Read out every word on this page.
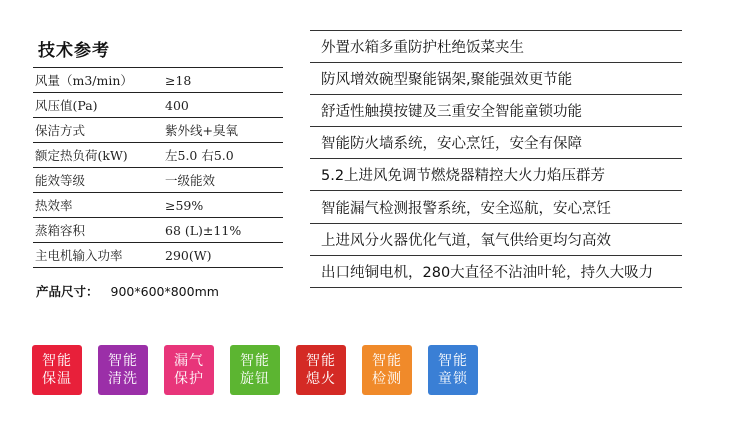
技术参考
风量（m3/min）	≥18
风压值(Pa)	400
保洁方式	紫外线+臭氧
额定热负荷(kW)	左5.0 右5.0
能效等级	一级能效
热效率	≥59%
蒸箱容积	68 (L)±11%
主电机输入功率	290(W)
产品尺寸： 900*600*800mm
外置水箱多重防护杜绝饭菜夹生
防风增效碗型聚能锅架,聚能强效更节能
舒适性触摸按键及三重安全智能童锁功能
智能防火墙系统，安心烹饪，安全有保障
5.2上进风免调节燃烧器精控大火力焰压群芳
智能漏气检测报警系统，安全巡航，安心烹饪
上进风分火器优化气道，氧气供给更均匀高效
出口纯铜电机，280大直径不沾油叶轮，持久大吸力
智能
保温
智能
清洗
漏气
保护
智能
旋钮
智能
熄火
智能
检测
智能
童锁
